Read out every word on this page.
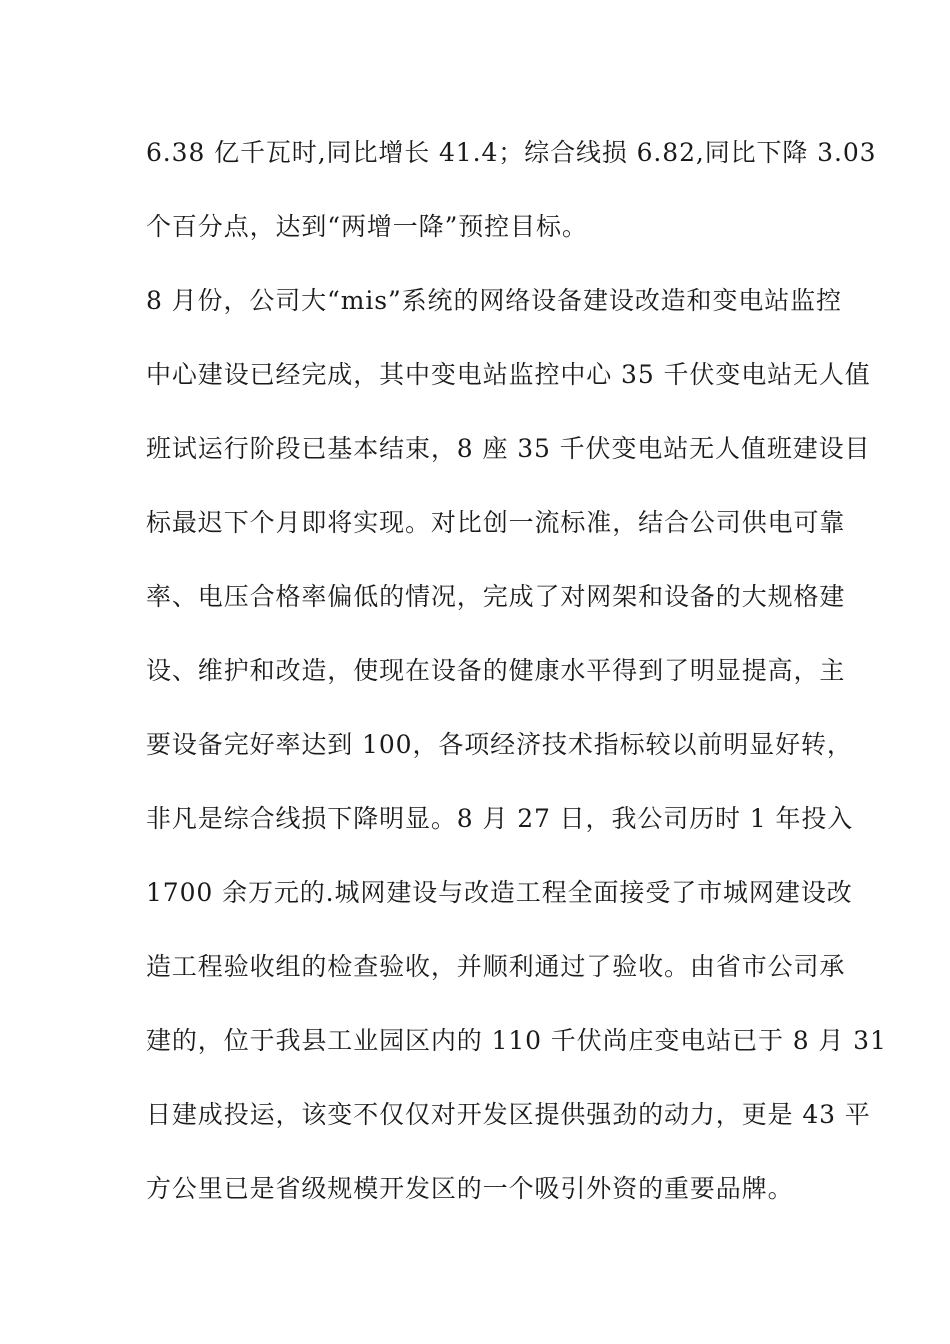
6.38 亿千瓦时,同比增长 41.4；综合线损 6.82,同比下降 3.03
个百分点，达到“两增一降”预控目标。
8 月份，公司大“mis”系统的网络设备建设改造和变电站监控
中心建设已经完成，其中变电站监控中心 35 千伏变电站无人值
班试运行阶段已基本结束，8 座 35 千伏变电站无人值班建设目
标最迟下个月即将实现。对比创一流标准，结合公司供电可靠
率、电压合格率偏低的情况，完成了对网架和设备的大规格建
设、维护和改造，使现在设备的健康水平得到了明显提高，主
要设备完好率达到 100，各项经济技术指标较以前明显好转，
非凡是综合线损下降明显。8 月 27 日，我公司历时 1 年投入
1700 余万元的.城网建设与改造工程全面接受了市城网建设改
造工程验收组的检查验收，并顺利通过了验收。由省市公司承
建的，位于我县工业园区内的 110 千伏尚庄变电站已于 8 月 31
日建成投运，该变不仅仅对开发区提供强劲的动力，更是 43 平
方公里已是省级规模开发区的一个吸引外资的重要品牌。
